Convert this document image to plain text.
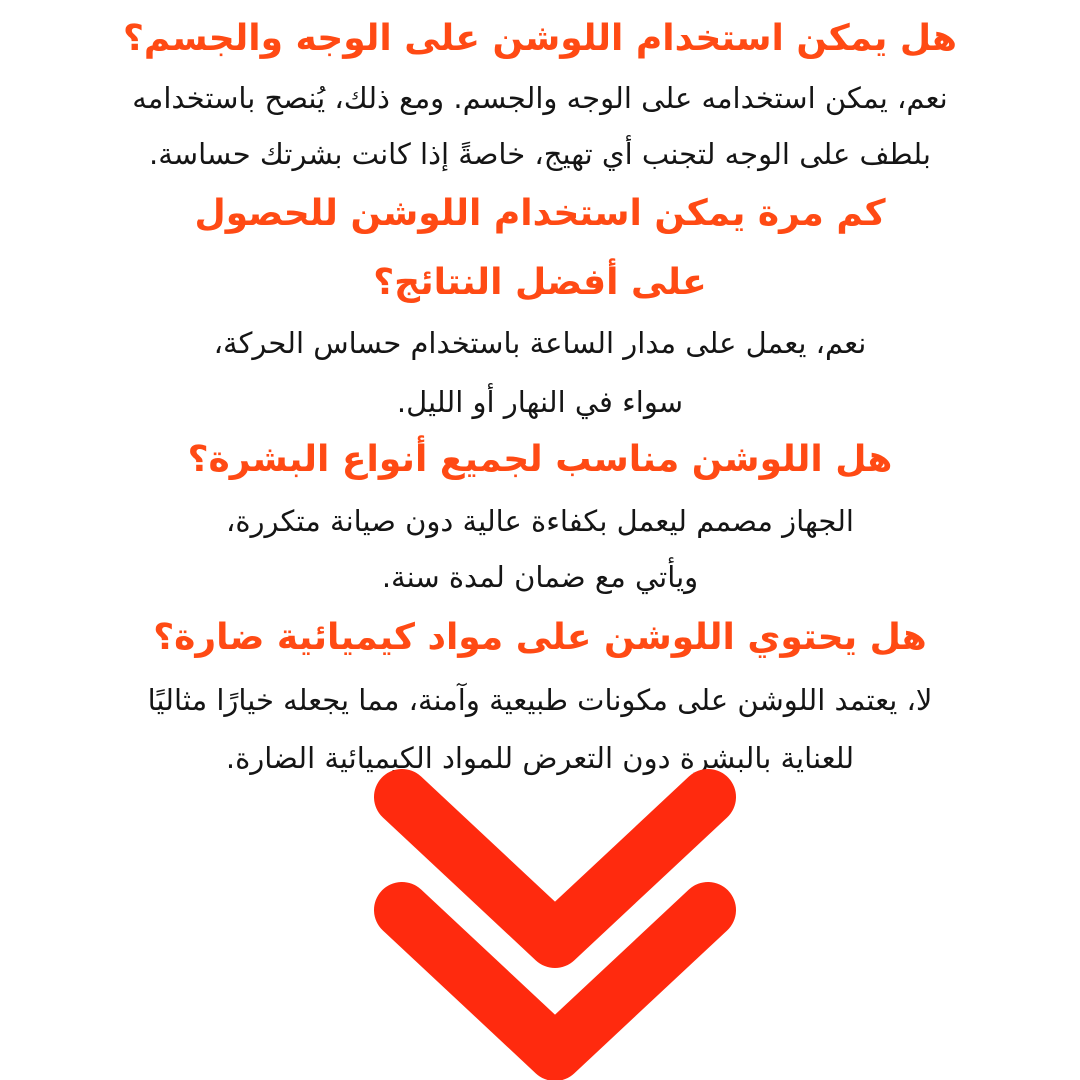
هل يمكن استخدام اللوشن على الوجه والجسم؟
نعم، يمكن استخدامه على الوجه والجسم. ومع ذلك، يُنصح باستخدامه
بلطف على الوجه لتجنب أي تهيج، خاصةً إذا كانت بشرتك حساسة.
كم مرة يمكن استخدام اللوشن للحصول
على أفضل النتائج؟
نعم، يعمل على مدار الساعة باستخدام حساس الحركة،
سواء في النهار أو الليل.
هل اللوشن مناسب لجميع أنواع البشرة؟
الجهاز مصمم ليعمل بكفاءة عالية دون صيانة متكررة،
ويأتي مع ضمان لمدة سنة.
هل يحتوي اللوشن على مواد كيميائية ضارة؟
لا، يعتمد اللوشن على مكونات طبيعية وآمنة، مما يجعله خيارًا مثاليًا
للعناية بالبشرة دون التعرض للمواد الكيميائية الضارة.
